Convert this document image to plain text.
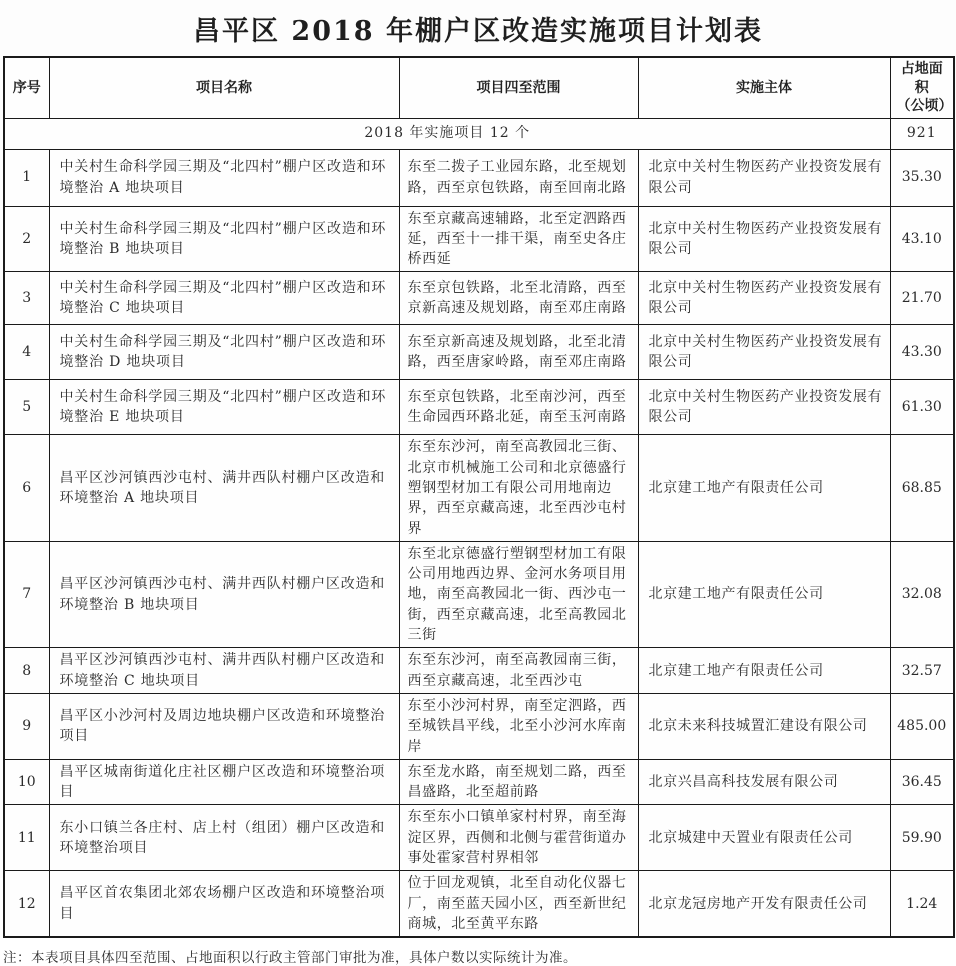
昌平区 2018 年棚户区改造实施项目计划表
序号	项目名称	项目四至范围	实施主体	占地面积
（公顷）

2018 年实施项目 12 个				921
1	中关村生命科学园三期及“北四村”棚户区改造和环境整治 A 地块项目	东至二拨子工业园东路，北至规划路，西至京包铁路，南至回南北路	北京中关村生物医药产业投资发展有限公司	35.30
2	中关村生命科学园三期及“北四村”棚户区改造和环境整治 B 地块项目	东至京藏高速辅路，北至定泗路西延，西至十一排干渠，南至史各庄桥西延	北京中关村生物医药产业投资发展有限公司	43.10
3	中关村生命科学园三期及“北四村”棚户区改造和环境整治 C 地块项目	东至京包铁路，北至北清路，西至京新高速及规划路，南至邓庄南路	北京中关村生物医药产业投资发展有限公司	21.70
4	中关村生命科学园三期及“北四村”棚户区改造和环境整治 D 地块项目	东至京新高速及规划路，北至北清路，西至唐家岭路，南至邓庄南路	北京中关村生物医药产业投资发展有限公司	43.30
5	中关村生命科学园三期及“北四村”棚户区改造和环境整治 E 地块项目	东至京包铁路，北至南沙河，西至生命园西环路北延，南至玉河南路	北京中关村生物医药产业投资发展有限公司	61.30
6	昌平区沙河镇西沙屯村、满井西队村棚户区改造和环境整治 A 地块项目	东至东沙河，南至高教园北三街、北京市机械施工公司和北京德盛行塑钢型材加工有限公司用地南边界，西至京藏高速，北至西沙屯村界	北京建工地产有限责任公司	68.85
7	昌平区沙河镇西沙屯村、满井西队村棚户区改造和环境整治 B 地块项目	东至北京德盛行塑钢型材加工有限公司用地西边界、金河水务项目用地，南至高教园北一街、西沙屯一街，西至京藏高速，北至高教园北三街	北京建工地产有限责任公司	32.08
8	昌平区沙河镇西沙屯村、满井西队村棚户区改造和环境整治 C 地块项目	东至东沙河，南至高教园南三街，西至京藏高速，北至西沙屯	北京建工地产有限责任公司	32.57
9	昌平区小沙河村及周边地块棚户区改造和环境整治项目	东至小沙河村界，南至定泗路，西至城铁昌平线，北至小沙河水库南岸	北京未来科技城置汇建设有限公司	485.00
10	昌平区城南街道化庄社区棚户区改造和环境整治项目	东至龙水路，南至规划二路，西至昌盛路，北至超前路	北京兴昌高科技发展有限公司	36.45
11	东小口镇兰各庄村、店上村（组团）棚户区改造和环境整治项目	东至东小口镇单家村村界，南至海淀区界，西侧和北侧与霍营街道办事处霍家营村界相邻	北京城建中天置业有限责任公司	59.90
12	昌平区首农集团北郊农场棚户区改造和环境整治项目	位于回龙观镇，北至自动化仪器七厂，南至蓝天园小区，西至新世纪商城，北至黄平东路	北京龙冠房地产开发有限责任公司	1.24

注：本表项目具体四至范围、占地面积以行政主管部门审批为准，具体户数以实际统计为准。
